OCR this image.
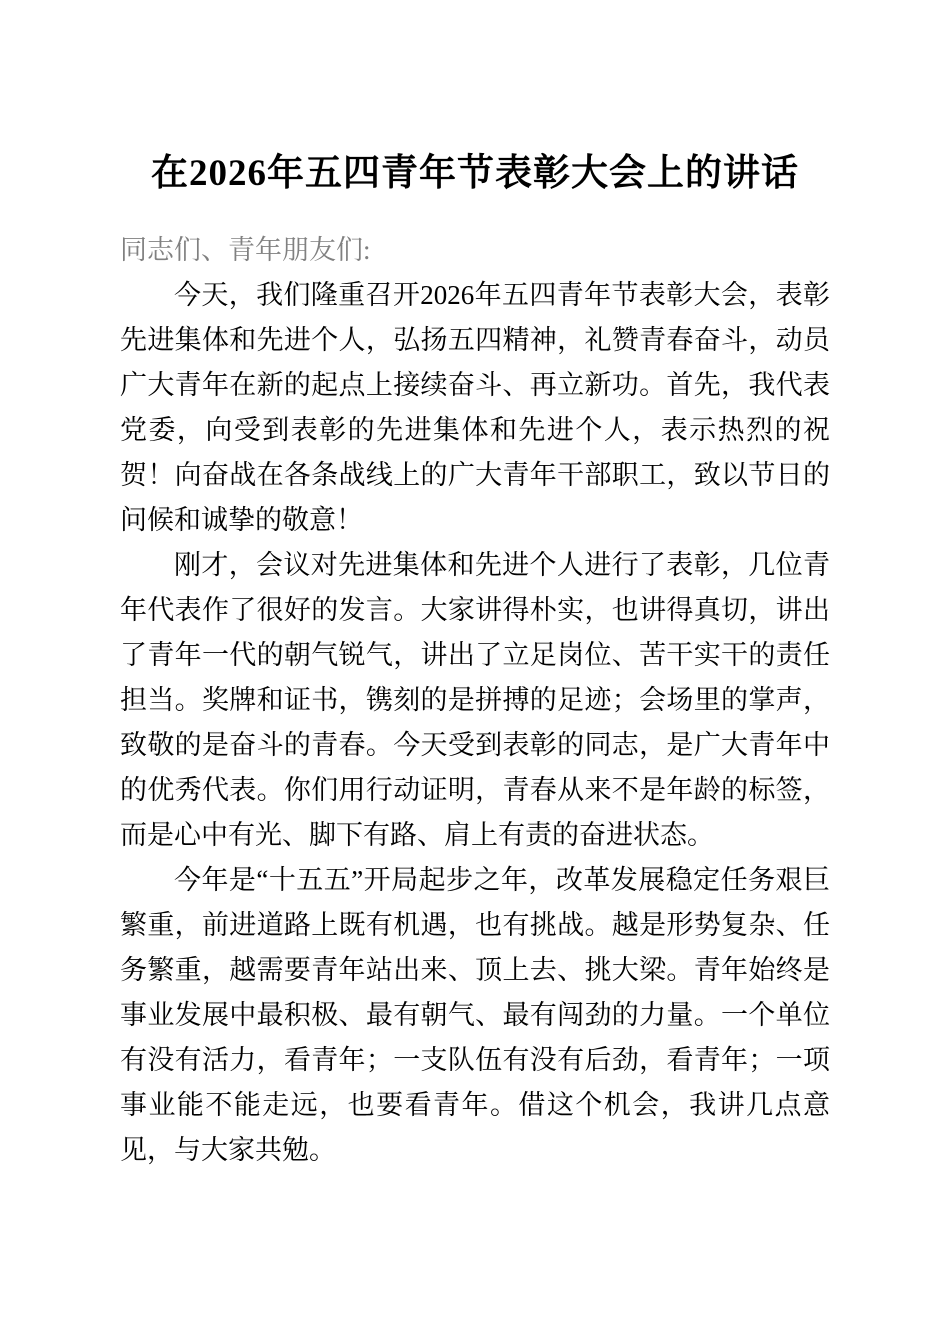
在2026年五四青年节表彰大会上的讲话

同志们、青年朋友们:

今天，我们隆重召开2026年五四青年节表彰大会，表彰先进集体和先进个人，弘扬五四精神，礼赞青春奋斗，动员广大青年在新的起点上接续奋斗、再立新功。首先，我代表党委，向受到表彰的先进集体和先进个人，表示热烈的祝贺！向奋战在各条战线上的广大青年干部职工，致以节日的问候和诚挚的敬意！

刚才，会议对先进集体和先进个人进行了表彰，几位青年代表作了很好的发言。大家讲得朴实，也讲得真切，讲出了青年一代的朝气锐气，讲出了立足岗位、苦干实干的责任担当。奖牌和证书，镌刻的是拼搏的足迹；会场里的掌声，致敬的是奋斗的青春。今天受到表彰的同志，是广大青年中的优秀代表。你们用行动证明，青春从来不是年龄的标签，而是心中有光、脚下有路、肩上有责的奋进状态。

今年是“十五五”开局起步之年，改革发展稳定任务艰巨繁重，前进道路上既有机遇，也有挑战。越是形势复杂、任务繁重，越需要青年站出来、顶上去、挑大梁。青年始终是事业发展中最积极、最有朝气、最有闯劲的力量。一个单位有没有活力，看青年；一支队伍有没有后劲，看青年；一项事业能不能走远，也要看青年。借这个机会，我讲几点意见，与大家共勉。
